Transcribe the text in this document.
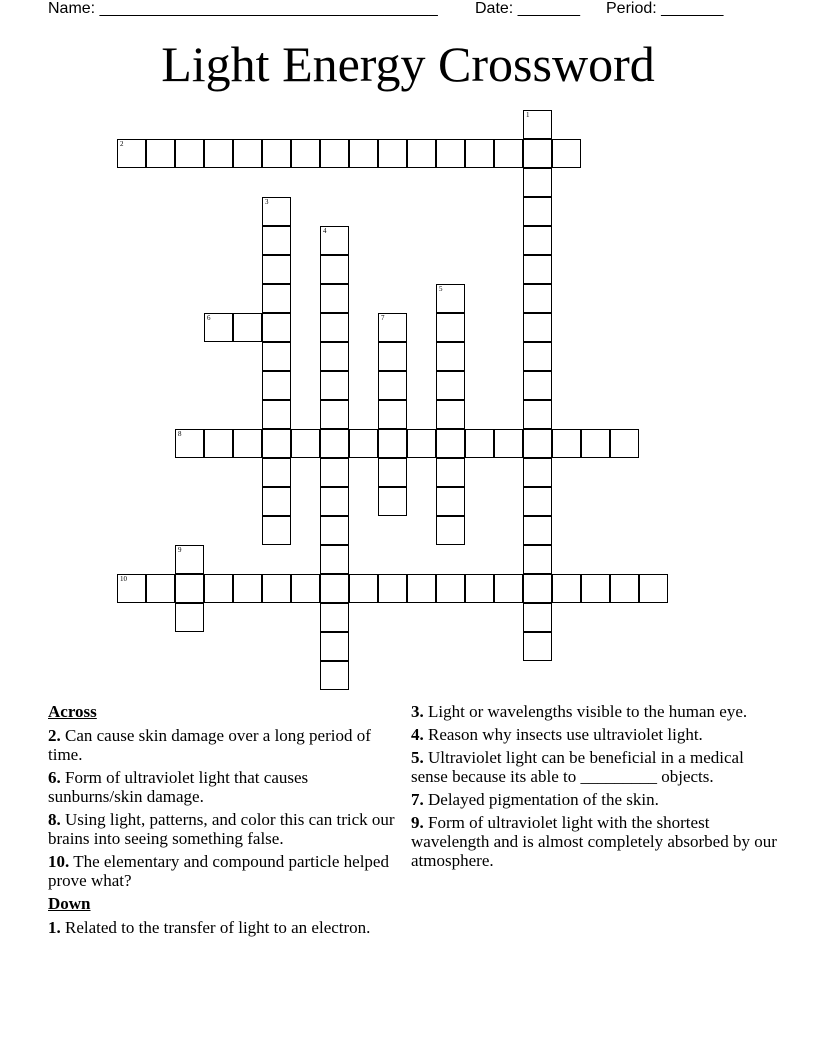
Name: ______________________________________ Date: _______ Period: _______
Light Energy Crossword
1
2
3
4
5
6	7
8
9
10
Across
2. Can cause skin damage over a long period of time.
6. Form of ultraviolet light that causes sunburns/skin damage.
8. Using light, patterns, and color this can trick our brains into seeing something false.
10. The elementary and compound particle helped prove what?
Down
1. Related to the transfer of light to an electron.
3. Light or wavelengths visible to the human eye.
4. Reason why insects use ultraviolet light.
5. Ultraviolet light can be beneficial in a medical sense because its able to _________ objects.
7. Delayed pigmentation of the skin.
9. Form of ultraviolet light with the shortest wavelength and is almost completely absorbed by our atmosphere.
